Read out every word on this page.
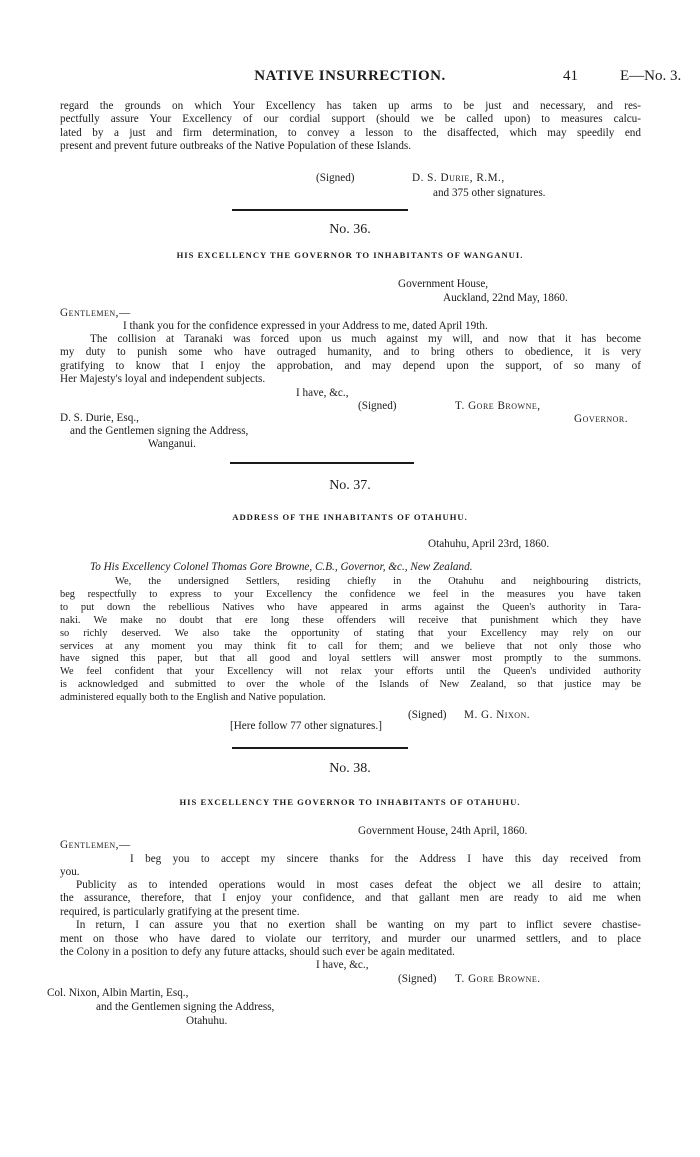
NATIVE INSURRECTION.	41	E—No. 3.
regard the grounds on which Your Excellency has taken up arms to be just and necessary, and res-
pectfully assure Your Excellency of our cordial support (should we be called upon) to measures calcu-
lated by a just and firm determination, to convey a lesson to the disaffected, which may speedily end
present and prevent future outbreaks of the Native Population of these Islands.
(Signed)	D. S. Durie, R.M.,
and 375 other signatures.
No. 36.
HIS EXCELLENCY THE GOVERNOR TO INHABITANTS OF WANGANUI.
Government House,
Auckland, 22nd May, 1860.
Gentlemen,—
I thank you for the confidence expressed in your Address to me, dated April 19th.
The collision at Taranaki was forced upon us much against my will, and now that it has become
my duty to punish some who have outraged humanity, and to bring others to obedience, it is very
gratifying to know that I enjoy the approbation, and may depend upon the support, of so many of
Her Majesty's loyal and independent subjects.
I have, &c.,
(Signed)	T. Gore Browne,
Governor.
D. S. Durie, Esq.,
and the Gentlemen signing the Address,
Wanganui.
No. 37.
ADDRESS OF THE INHABITANTS OF OTAHUHU.
Otahuhu, April 23rd, 1860.
To His Excellency Colonel Thomas Gore Browne, C.B., Governor, &c., New Zealand.
We, the undersigned Settlers, residing chiefly in the Otahuhu and neighbouring districts,
beg respectfully to express to your Excellency the confidence we feel in the measures you have taken
to put down the rebellious Natives who have appeared in arms against the Queen's authority in Tara-
naki. We make no doubt that ere long these offenders will receive that punishment which they have
so richly deserved. We also take the opportunity of stating that your Excellency may rely on our
services at any moment you may think fit to call for them; and we believe that not only those who
have signed this paper, but that all good and loyal settlers will answer most promptly to the summons.
We feel confident that your Excellency will not relax your efforts until the Queen's undivided authority
is acknowledged and submitted to over the whole of the Islands of New Zealand, so that justice may be
administered equally both to the English and Native population.
(Signed) M. G. Nixon.
[Here follow 77 other signatures.]
No. 38.
HIS EXCELLENCY THE GOVERNOR TO INHABITANTS OF OTAHUHU.
Government House, 24th April, 1860.
Gentlemen,—
I beg you to accept my sincere thanks for the Address I have this day received from
you.
Publicity as to intended operations would in most cases defeat the object we all desire to attain;
the assurance, therefore, that I enjoy your confidence, and that gallant men are ready to aid me when
required, is particularly gratifying at the present time.
In return, I can assure you that no exertion shall be wanting on my part to inflict severe chastise-
ment on those who have dared to violate our territory, and murder our unarmed settlers, and to place
the Colony in a position to defy any future attacks, should such ever be again meditated.
I have, &c.,
(Signed) T. Gore Browne.
Col. Nixon, Albin Martin, Esq.,
and the Gentlemen signing the Address,
Otahuhu.
